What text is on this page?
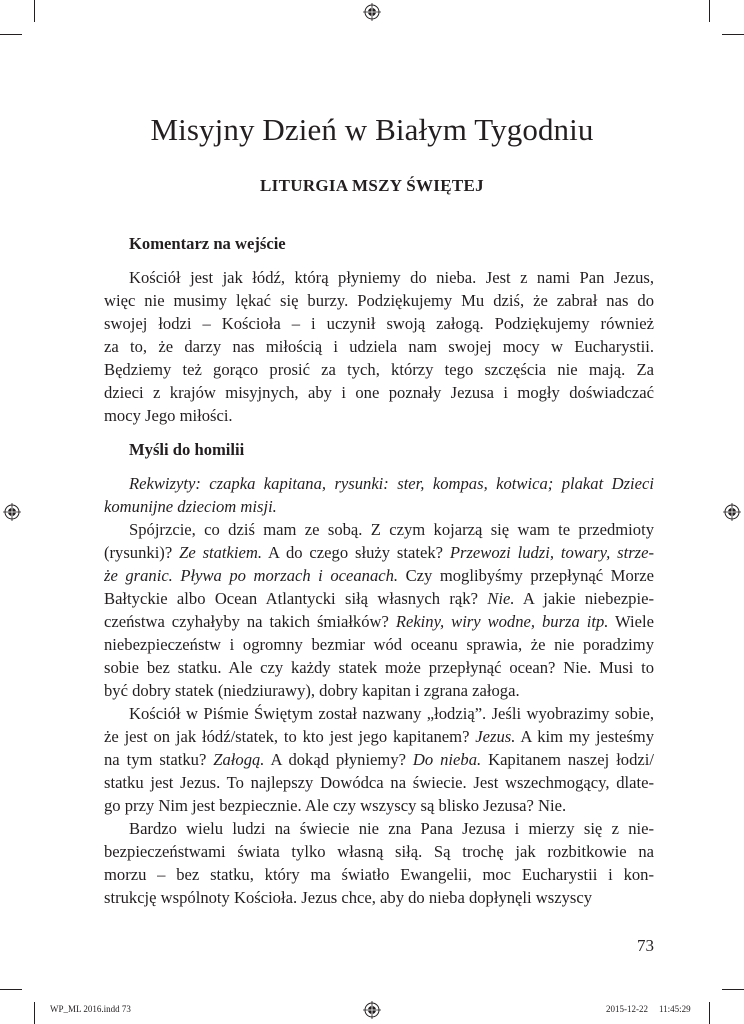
Misyjny Dzień w Białym Tygodniu
LITURGIA MSZY ŚWIĘTEJ
Komentarz na wejście
Kościół jest jak łódź, którą płyniemy do nieba. Jest z nami Pan Jezus,
więc nie musimy lękać się burzy. Podziękujemy Mu dziś, że zabrał nas do
swojej łodzi – Kościoła – i uczynił swoją załogą. Podziękujemy również
za to, że darzy nas miłością i udziela nam swojej mocy w Eucharystii.
Będziemy też gorąco prosić za tych, którzy tego szczęścia nie mają. Za
dzieci z krajów misyjnych, aby i one poznały Jezusa i mogły doświadczać
mocy Jego miłości.
Myśli do homilii
Rekwizyty: czapka kapitana, rysunki: ster, kompas, kotwica; plakat Dzieci
komunijne dzieciom misji.
Spójrzcie, co dziś mam ze sobą. Z czym kojarzą się wam te przedmioty
(rysunki)? Ze statkiem. A do czego służy statek? Przewozi ludzi, towary, strze-
że granic. Pływa po morzach i oceanach. Czy moglibyśmy przepłynąć Morze
Bałtyckie albo Ocean Atlantycki siłą własnych rąk? Nie. A jakie niebezpie-
czeństwa czyhałyby na takich śmiałków? Rekiny, wiry wodne, burza itp. Wiele
niebezpieczeństw i ogromny bezmiar wód oceanu sprawia, że nie poradzimy
sobie bez statku. Ale czy każdy statek może przepłynąć ocean? Nie. Musi to
być dobry statek (niedziurawy), dobry kapitan i zgrana załoga.
Kościół w Piśmie Świętym został nazwany „łodzią”. Jeśli wyobrazimy sobie,
że jest on jak łódź/statek, to kto jest jego kapitanem? Jezus. A kim my jesteśmy
na tym statku? Załogą. A dokąd płyniemy? Do nieba. Kapitanem naszej łodzi/
statku jest Jezus. To najlepszy Dowódca na świecie. Jest wszechmogący, dlate-
go przy Nim jest bezpiecznie. Ale czy wszyscy są blisko Jezusa? Nie.
Bardzo wielu ludzi na świecie nie zna Pana Jezusa i mierzy się z nie-
bezpieczeństwami świata tylko własną siłą. Są trochę jak rozbitkowie na
morzu – bez statku, który ma światło Ewangelii, moc Eucharystii i kon-
strukcję wspólnoty Kościoła. Jezus chce, aby do nieba dopłynęli wszyscy
73
WP_ML 2016.indd 73	2015-12-22 11:45:29
